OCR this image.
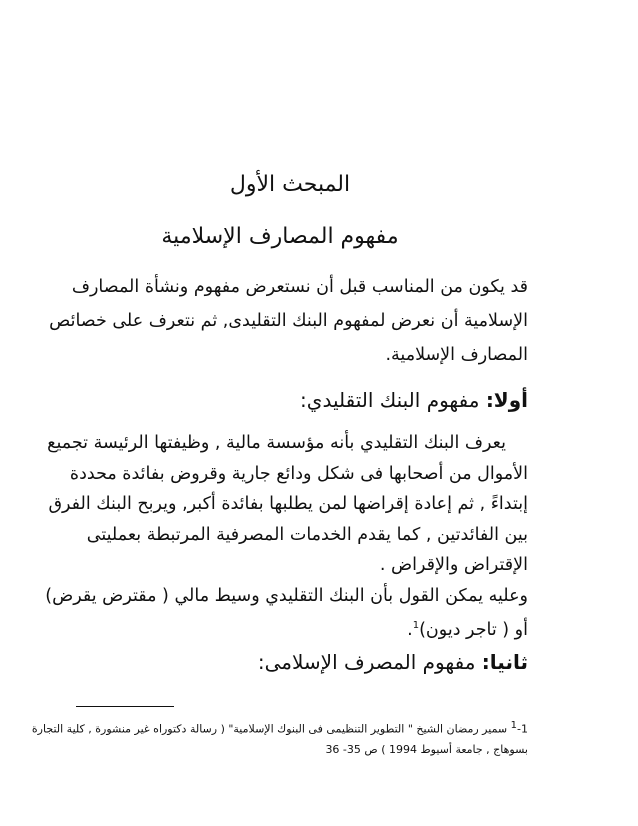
المبحث الأول
مفهوم المصارف الإسلامية

قد يكون من المناسب قبل أن نستعرض مفهوم ونشأة المصارف
الإسلامية أن نعرض لمفهوم البنك التقليدى, ثم نتعرف على خصائص
المصارف الإسلامية.

أولا: مفهوم البنك التقليدي:

يعرف البنك التقليدي بأنه مؤسسة مالية , وظيفتها الرئيسة تجميع
الأموال من أصحابها فى شكل ودائع جارية وقروض بفائدة محددة
إبتداءً , ثم إعادة إقراضها لمن يطلبها بفائدة أكبر, ويربح البنك الفرق
بين الفائدتين , كما يقدم الخدمات المصرفية المرتبطة بعمليتى
الإقتراض والإقراض .
وعليه يمكن القول بأن البنك التقليدي وسيط مالي ( مقترض يقرض)
أو ( تاجر ديون)$^1$.

ثانيا: مفهوم المصرف الإسلامى:

$^1$-1 سمير رمضان الشيخ " التطوير التنظيمى فى البنوك الإسلامية" ( رسالة دكتوراه غير منشورة , كلية التجارة
بسوهاج , جامعة أسيوط 1994 ) ص 35- 36
